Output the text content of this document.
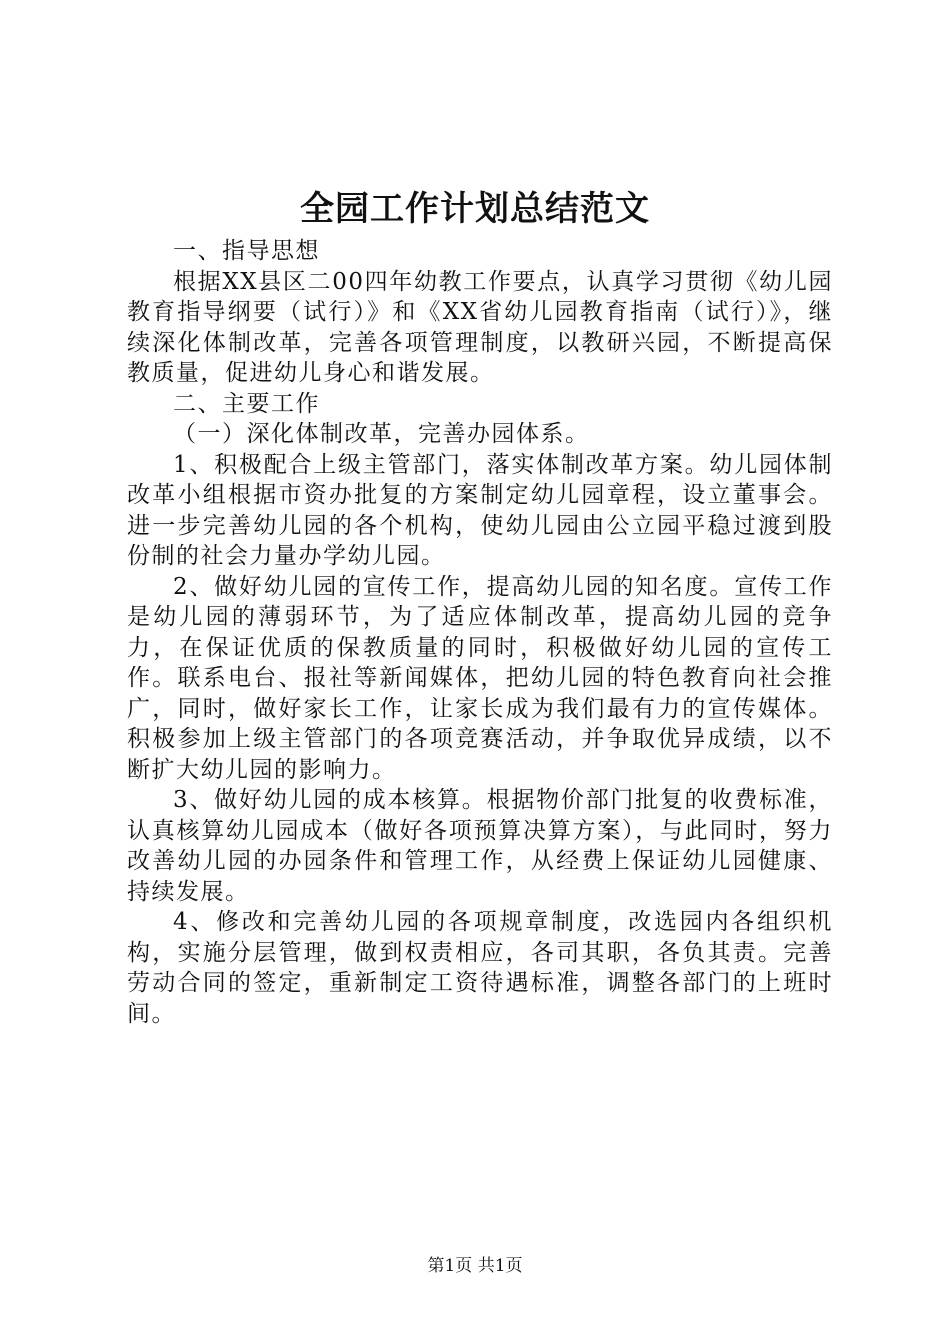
全园工作计划总结范文

一、指导思想

根据XX县区二00四年幼教工作要点，认真学习贯彻《幼儿园教育指导纲要（试行）》和《XX省幼儿园教育指南（试行）》，继续深化体制改革，完善各项管理制度，以教研兴园，不断提高保教质量，促进幼儿身心和谐发展。

二、主要工作

（一）深化体制改革，完善办园体系。

1、积极配合上级主管部门，落实体制改革方案。幼儿园体制改革小组根据市资办批复的方案制定幼儿园章程，设立董事会。进一步完善幼儿园的各个机构，使幼儿园由公立园平稳过渡到股份制的社会力量办学幼儿园。

2、做好幼儿园的宣传工作，提高幼儿园的知名度。宣传工作是幼儿园的薄弱环节，为了适应体制改革，提高幼儿园的竞争力，在保证优质的保教质量的同时，积极做好幼儿园的宣传工作。联系电台、报社等新闻媒体，把幼儿园的特色教育向社会推广，同时，做好家长工作，让家长成为我们最有力的宣传媒体。积极参加上级主管部门的各项竞赛活动，并争取优异成绩，以不断扩大幼儿园的影响力。

3、做好幼儿园的成本核算。根据物价部门批复的收费标准，认真核算幼儿园成本（做好各项预算决算方案），与此同时，努力改善幼儿园的办园条件和管理工作，从经费上保证幼儿园健康、持续发展。

4、修改和完善幼儿园的各项规章制度，改选园内各组织机构，实施分层管理，做到权责相应，各司其职，各负其责。完善劳动合同的签定，重新制定工资待遇标准，调整各部门的上班时间。

第1页 共1页
